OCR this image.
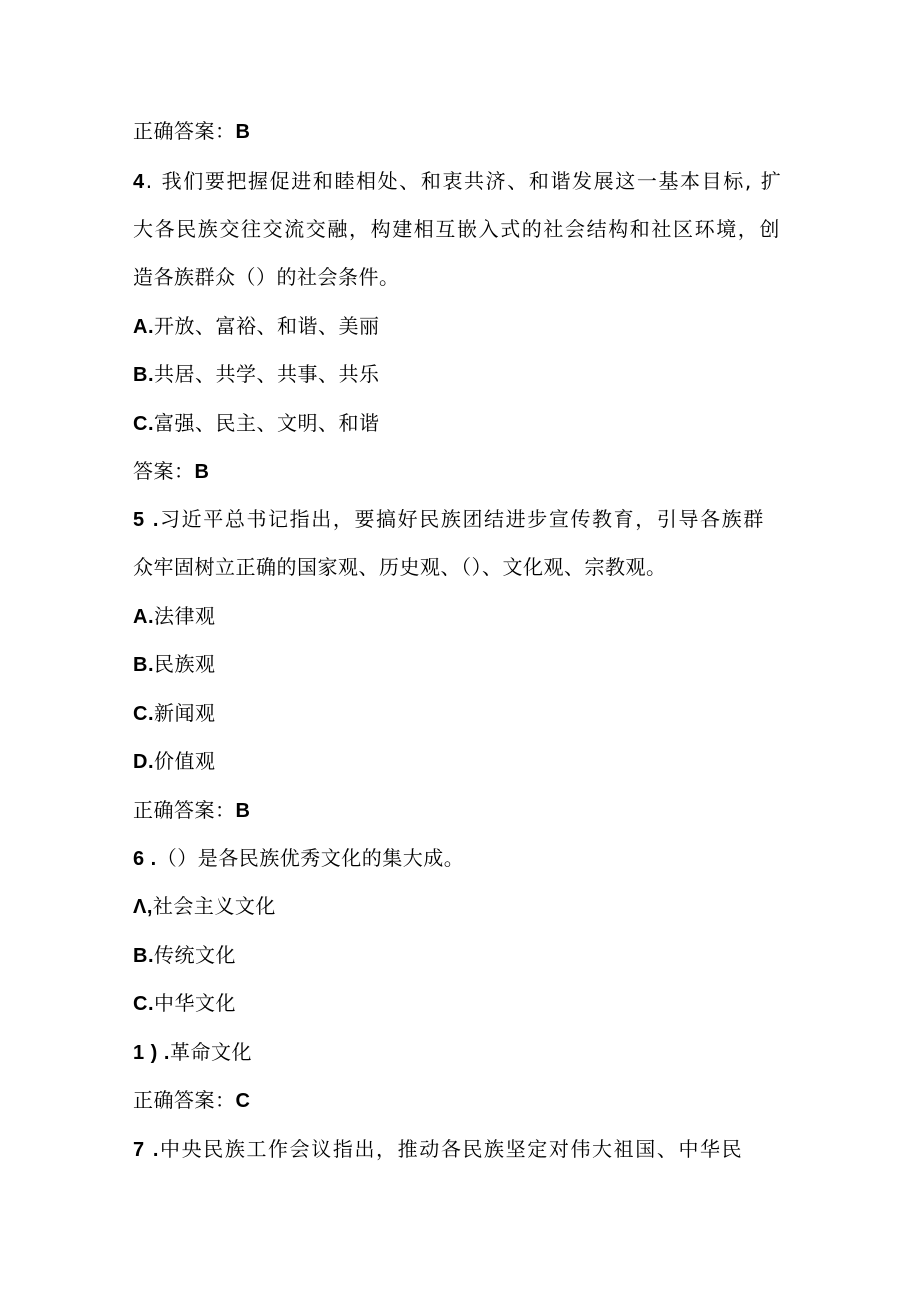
正确答案：B
4. 我们要把握促进和睦相处、和衷共济、和谐发展这一基本目标, 扩
大各民族交往交流交融，构建相互嵌入式的社会结构和社区环境，创
造各族群众（）的社会条件。
A.开放、富裕、和谐、美丽
B.共居、共学、共事、共乐
C.富强、民主、文明、和谐
答案：B
5 .习近平总书记指出，要搞好民族团结进步宣传教育，引导各族群
众牢固树立正确的国家观、历史观、（）、文化观、宗教观。
A.法律观
B.民族观
C.新闻观
D.价值观
正确答案：B
6 .（）是各民族优秀文化的集大成。
Λ,社会主义文化
B.传统文化
C.中华文化
1 ) .革命文化
正确答案：C
7 .中央民族工作会议指出，推动各民族坚定对伟大祖国、中华民
